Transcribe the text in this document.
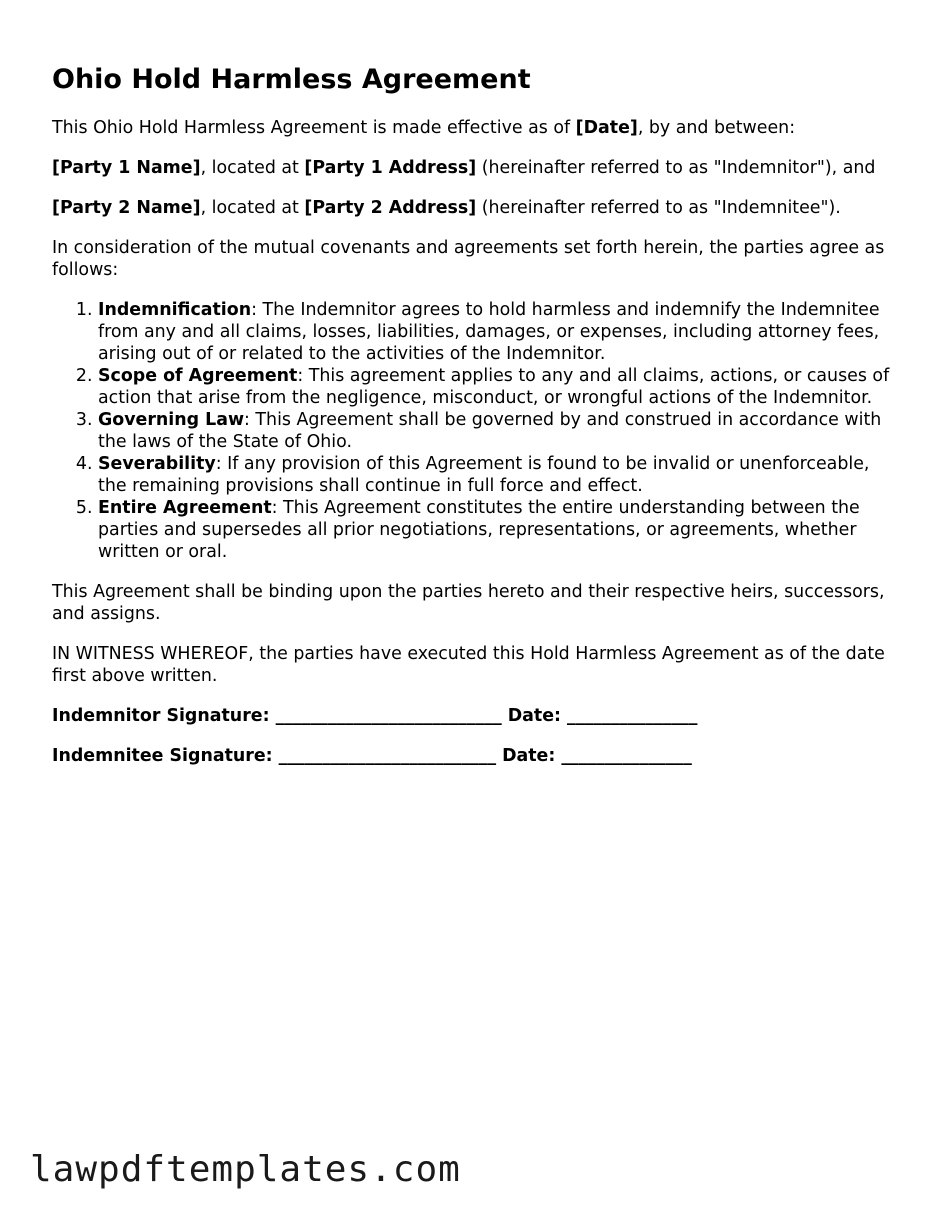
Ohio Hold Harmless Agreement

This Ohio Hold Harmless Agreement is made effective as of [Date], by and between:

[Party 1 Name], located at [Party 1 Address] (hereinafter referred to as "Indemnitor"), and

[Party 2 Name], located at [Party 2 Address] (hereinafter referred to as "Indemnitee").

In consideration of the mutual covenants and agreements set forth herein, the parties agree as follows:

1. Indemnification: The Indemnitor agrees to hold harmless and indemnify the Indemnitee from any and all claims, losses, liabilities, damages, or expenses, including attorney fees, arising out of or related to the activities of the Indemnitor.
2. Scope of Agreement: This agreement applies to any and all claims, actions, or causes of action that arise from the negligence, misconduct, or wrongful actions of the Indemnitor.
3. Governing Law: This Agreement shall be governed by and construed in accordance with the laws of the State of Ohio.
4. Severability: If any provision of this Agreement is found to be invalid or unenforceable, the remaining provisions shall continue in full force and effect.
5. Entire Agreement: This Agreement constitutes the entire understanding between the parties and supersedes all prior negotiations, representations, or agreements, whether written or oral.

This Agreement shall be binding upon the parties hereto and their respective heirs, successors, and assigns.

IN WITNESS WHEREOF, the parties have executed this Hold Harmless Agreement as of the date first above written.

Indemnitor Signature: __________________________ Date: _______________
Indemnitee Signature: _________________________ Date: _______________
lawpdftemplates.com
